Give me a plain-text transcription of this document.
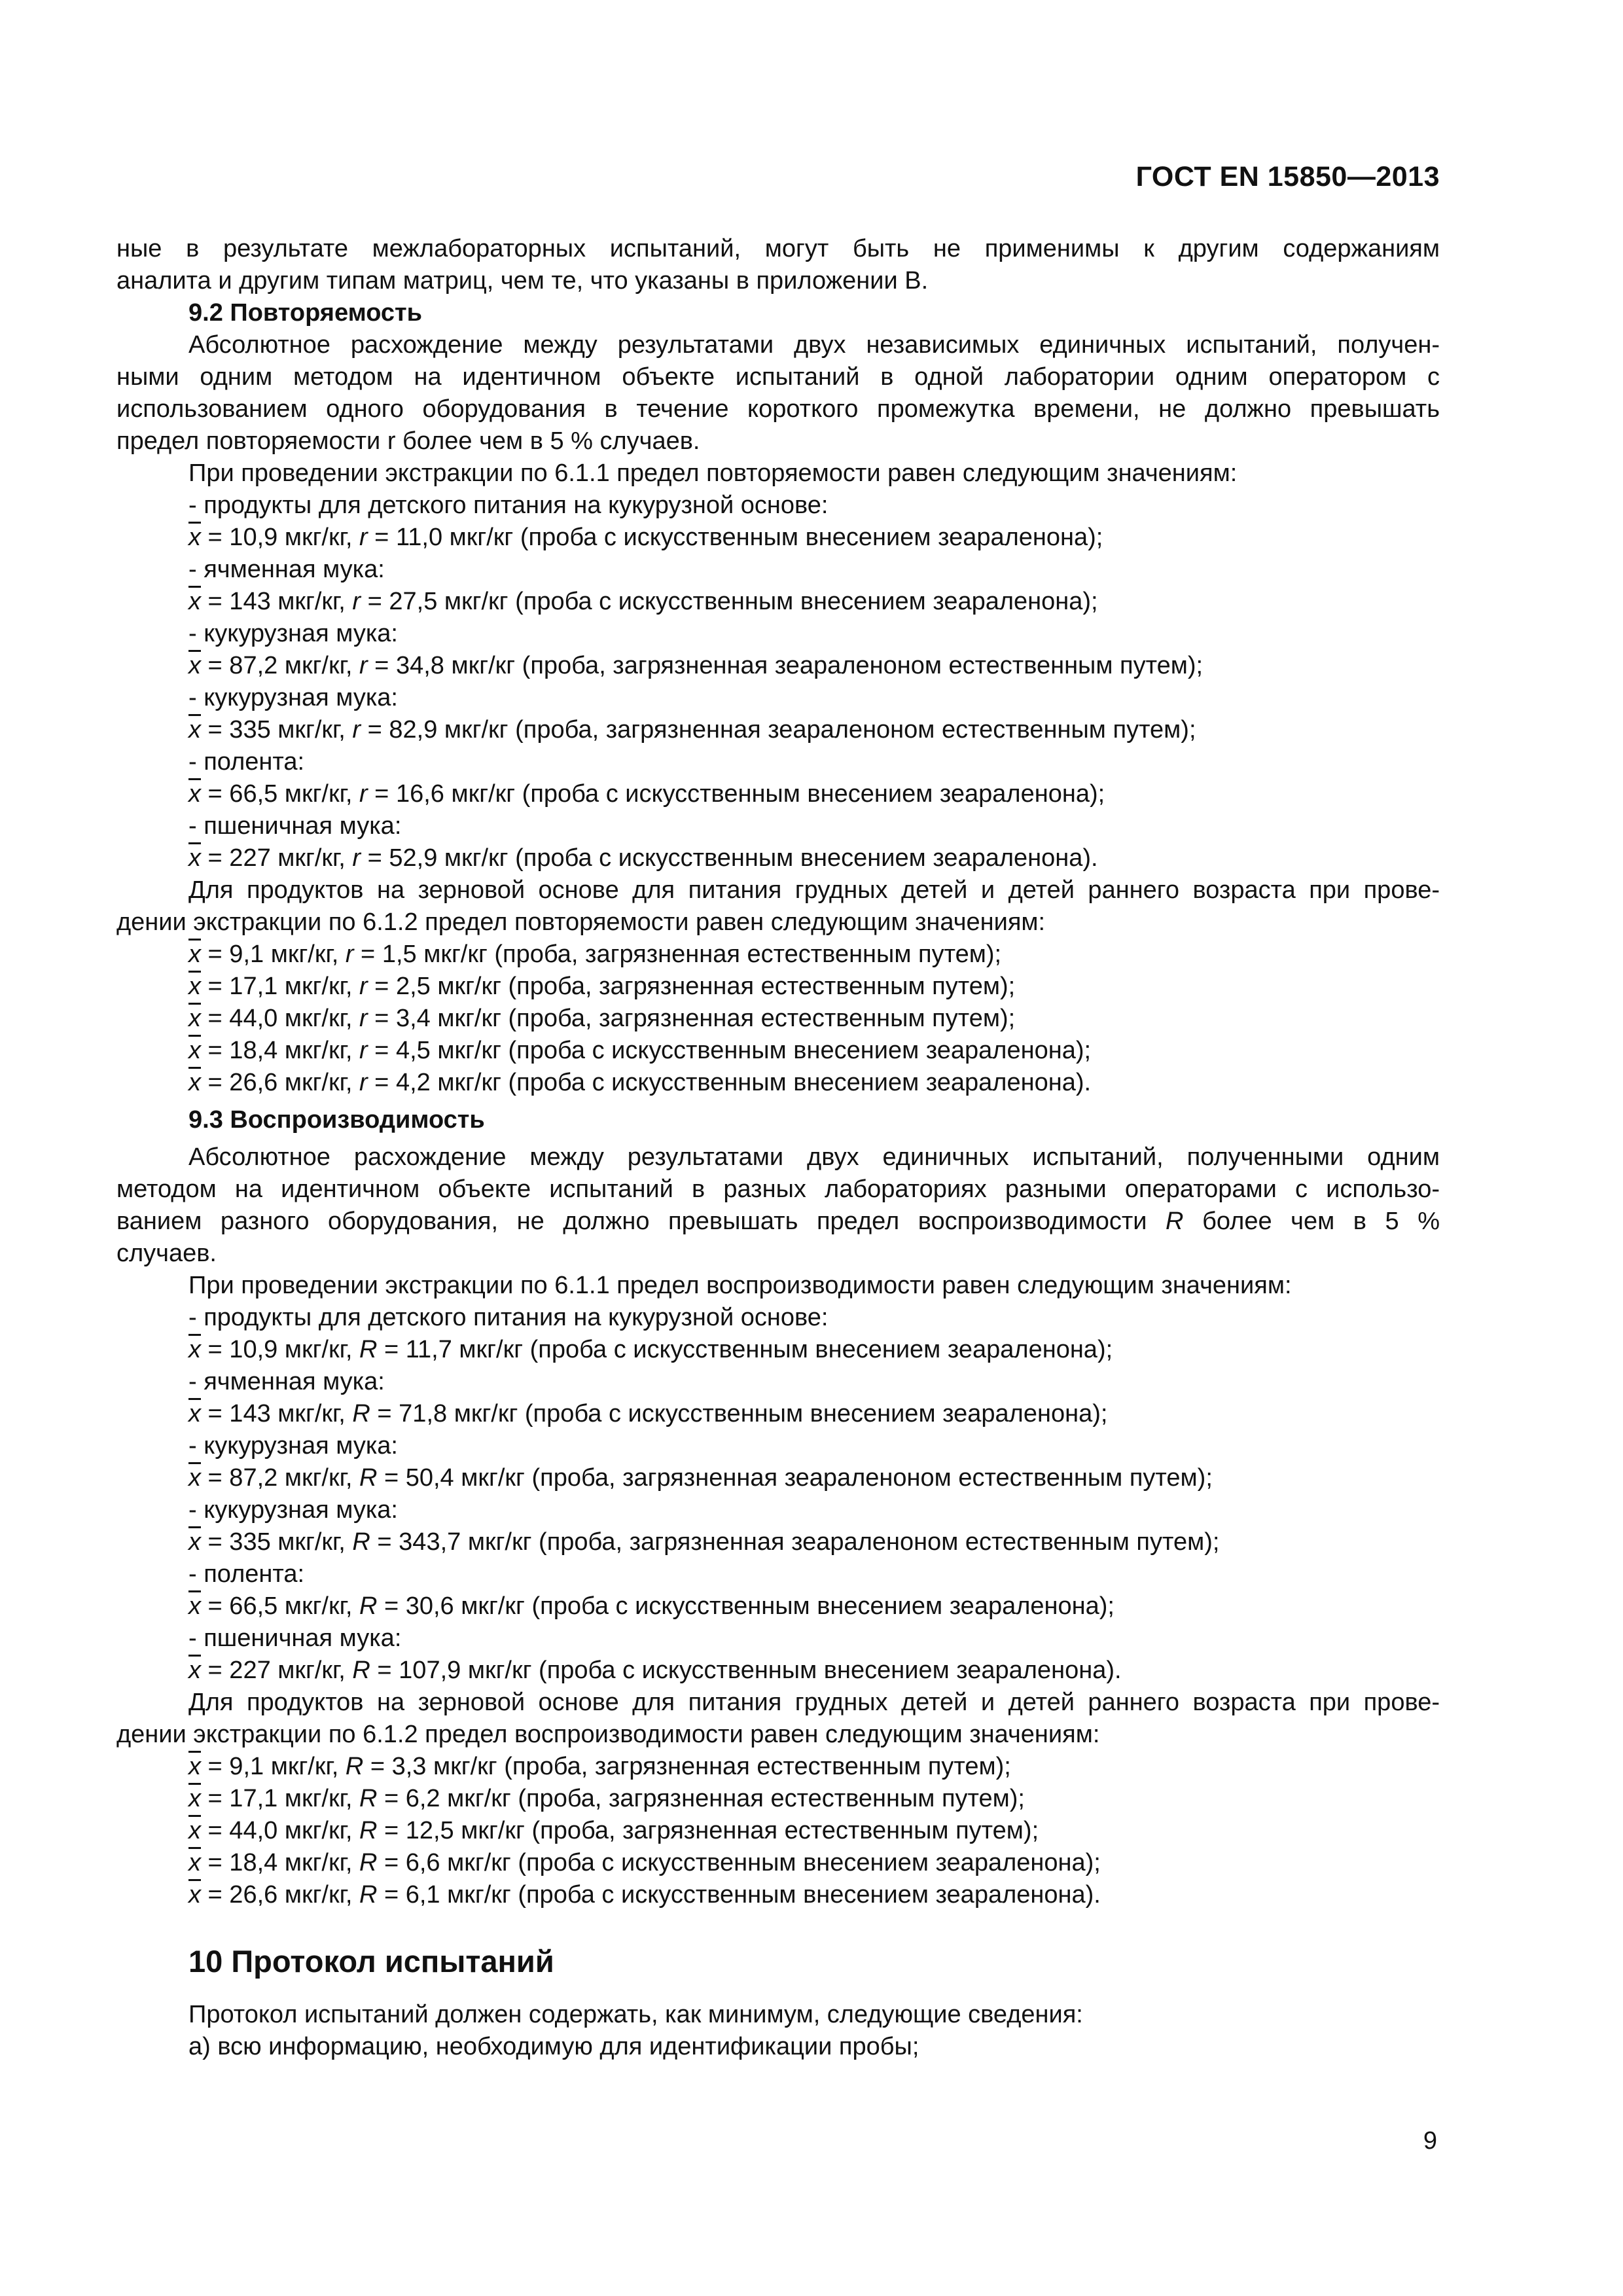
ГОСТ EN 15850—2013
ные в результате межлабораторных испытаний, могут быть не применимы к другим содержаниям
аналита и другим типам матриц, чем те, что указаны в приложении В.
9.2 Повторяемость
Абсолютное расхождение между результатами двух независимых единичных испытаний, получен-
ными одним методом на идентичном объекте испытаний в одной лаборатории одним оператором с
использованием одного оборудования в течение короткого промежутка времени, не должно превышать
предел повторяемости r более чем в 5 % случаев.
При проведении экстракции по 6.1.1 предел повторяемости равен следующим значениям:
- продукты для детского питания на кукурузной основе:
$\overline{x} = 10,9$ мкг/кг, r = 11,0 мкг/кг (проба с искусственным внесением зеараленона);
- ячменная мука:
$\overline{x} = 143$ мкг/кг, r = 27,5 мкг/кг (проба с искусственным внесением зеараленона);
- кукурузная мука:
$\overline{x} = 87,2$ мкг/кг, r = 34,8 мкг/кг (проба, загрязненная зеараленоном естественным путем);
- кукурузная мука:
$\overline{x} = 335$ мкг/кг, r = 82,9 мкг/кг (проба, загрязненная зеараленоном естественным путем);
- полента:
$\overline{x} = 66,5$ мкг/кг, r = 16,6 мкг/кг (проба с искусственным внесением зеараленона);
- пшеничная мука:
$\overline{x} = 227$ мкг/кг, r = 52,9 мкг/кг (проба с искусственным внесением зеараленона).
Для продуктов на зерновой основе для питания грудных детей и детей раннего возраста при прове-
дении экстракции по 6.1.2 предел повторяемости равен следующим значениям:
$\overline{x} = 9,1$ мкг/кг, r = 1,5 мкг/кг (проба, загрязненная естественным путем);
$\overline{x} = 17,1$ мкг/кг, r = 2,5 мкг/кг (проба, загрязненная естественным путем);
$\overline{x} = 44,0$ мкг/кг, r = 3,4 мкг/кг (проба, загрязненная естественным путем);
$\overline{x} = 18,4$ мкг/кг, r = 4,5 мкг/кг (проба с искусственным внесением зеараленона);
$\overline{x} = 26,6$ мкг/кг, r = 4,2 мкг/кг (проба с искусственным внесением зеараленона).
9.3 Воспроизводимость
Абсолютное расхождение между результатами двух единичных испытаний, полученными одним
методом на идентичном объекте испытаний в разных лабораториях разными операторами с использо-
ванием разного оборудования, не должно превышать предел воспроизводимости R более чем в 5 %
случаев.
При проведении экстракции по 6.1.1 предел воспроизводимости равен следующим значениям:
- продукты для детского питания на кукурузной основе:
$\overline{x} = 10,9$ мкг/кг, R = 11,7 мкг/кг (проба с искусственным внесением зеараленона);
- ячменная мука:
$\overline{x} = 143$ мкг/кг, R = 71,8 мкг/кг (проба с искусственным внесением зеараленона);
- кукурузная мука:
$\overline{x} = 87,2$ мкг/кг, R = 50,4 мкг/кг (проба, загрязненная зеараленоном естественным путем);
- кукурузная мука:
$\overline{x} = 335$ мкг/кг, R = 343,7 мкг/кг (проба, загрязненная зеараленоном естественным путем);
- полента:
$\overline{x} = 66,5$ мкг/кг, R = 30,6 мкг/кг (проба с искусственным внесением зеараленона);
- пшеничная мука:
$\overline{x} = 227$ мкг/кг, R = 107,9 мкг/кг (проба с искусственным внесением зеараленона).
Для продуктов на зерновой основе для питания грудных детей и детей раннего возраста при прове-
дении экстракции по 6.1.2 предел воспроизводимости равен следующим значениям:
$\overline{x} = 9,1$ мкг/кг, R = 3,3 мкг/кг (проба, загрязненная естественным путем);
$\overline{x} = 17,1$ мкг/кг, R = 6,2 мкг/кг (проба, загрязненная естественным путем);
$\overline{x} = 44,0$ мкг/кг, R = 12,5 мкг/кг (проба, загрязненная естественным путем);
$\overline{x} = 18,4$ мкг/кг, R = 6,6 мкг/кг (проба с искусственным внесением зеараленона);
$\overline{x} = 26,6$ мкг/кг, R = 6,1 мкг/кг (проба с искусственным внесением зеараленона).
10 Протокол испытаний
Протокол испытаний должен содержать, как минимум, следующие сведения:
а) всю информацию, необходимую для идентификации пробы;
9
